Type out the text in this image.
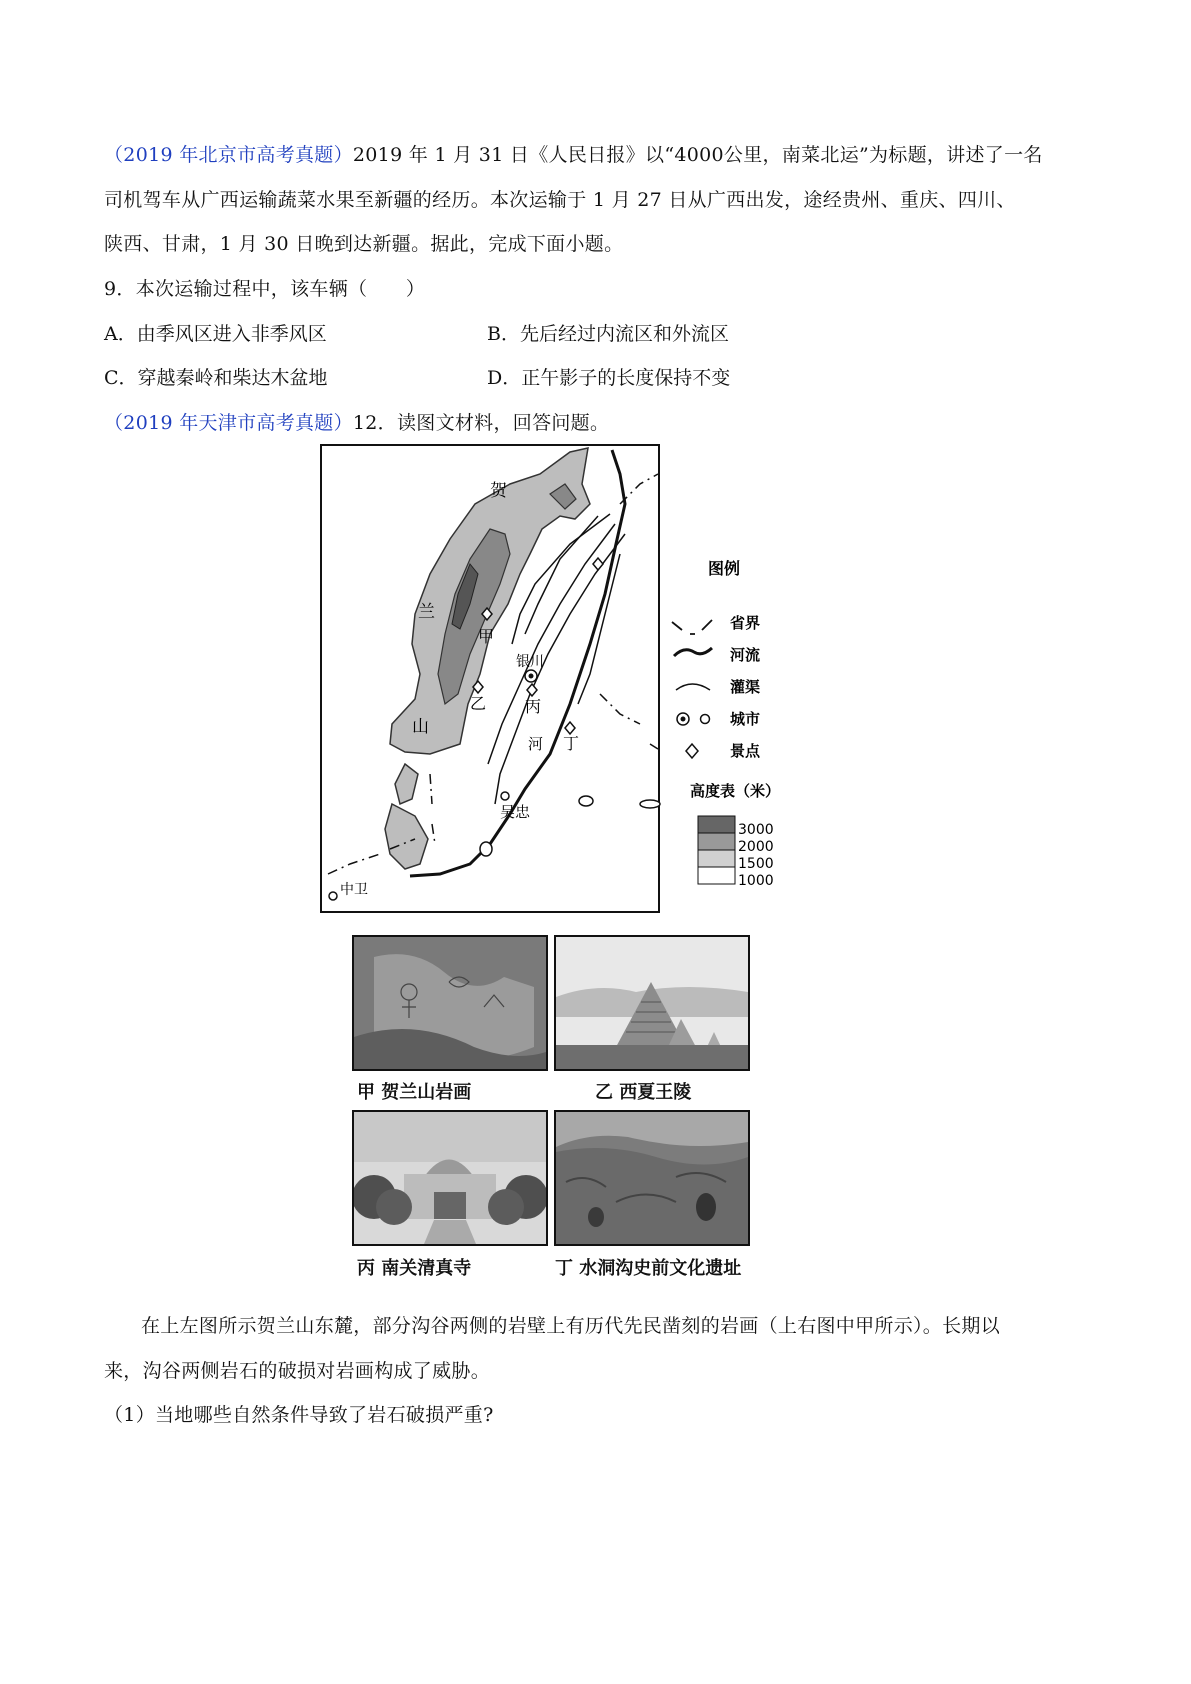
（2019 年北京市高考真题）2019 年 1 月 31 日《人民日报》以“4000公里，南菜北运”为标题，讲述了一名
司机驾车从广西运输蔬菜水果至新疆的经历。本次运输于 1 月 27 日从广西出发，途经贵州、重庆、四川、
陕西、甘肃，1 月 30 日晚到达新疆。据此，完成下面小题。
9．本次运输过程中，该车辆（　　）
A．由季风区进入非季风区	B．先后经过内流区和外流区
C．穿越秦岭和柴达木盆地	D．正午影子的长度保持不变
（2019 年天津市高考真题）12．读图文材料，回答问题。
贺
兰
山
甲
乙 丙
丁
银川
河
吴忠
中卫
图例
省界
河流
灌渠
城市
景点
高度表（米）
3000
2000
1500
1000
甲 贺兰山岩画	乙 西夏王陵
丙 南关清真寺	丁 水洞沟史前文化遗址
在上左图所示贺兰山东麓，部分沟谷两侧的岩壁上有历代先民凿刻的岩画（上右图中甲所示）。长期以
来，沟谷两侧岩石的破损对岩画构成了威胁。
（1）当地哪些自然条件导致了岩石破损严重?
